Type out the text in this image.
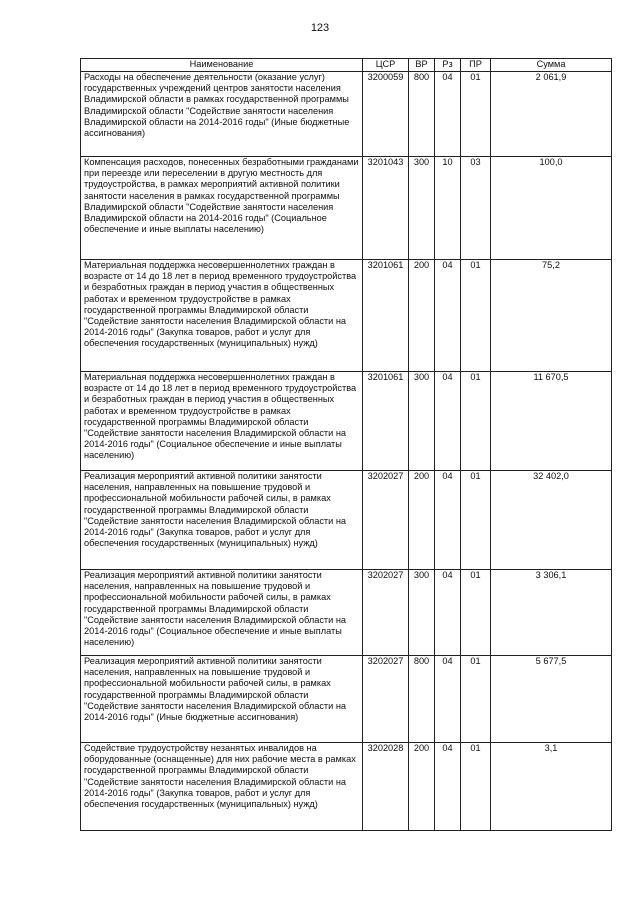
123
Наименование	ЦСР	ВР	Рз	ПР	Сумма
Расходы на обеспечение деятельности (оказание услуг) государственных учреждений центров занятости населения Владимирской области в рамках государственной программы Владимирской области "Содействие занятости населения Владимирской области на 2014-2016 годы" (Иные бюджетные ассигнования)	3200059	800	04	01	2 061,9
Компенсация расходов, понесенных безработными гражданами при переезде или переселении в другую местность для трудоустройства, в рамках мероприятий активной политики занятости населения в рамках государственной программы Владимирской области "Содействие занятости населения Владимирской области на 2014-2016 годы" (Социальное обеспечение и иные выплаты населению)	3201043	300	10	03	100,0
Материальная поддержка несовершеннолетних граждан в возрасте от 14 до 18 лет в период временного трудоустройства и безработных граждан в период участия в общественных работах и временном трудоустройстве в рамках государственной программы Владимирской области "Содействие занятости населения Владимирской области на 2014-2016 годы" (Закупка товаров, работ и услуг для обеспечения государственных (муниципальных) нужд)	3201061	200	04	01	75,2
Материальная поддержка несовершеннолетних граждан в возрасте от 14 до 18 лет в период временного трудоустройства и безработных граждан в период участия в общественных работах и временном трудоустройстве в рамках государственной программы Владимирской области "Содействие занятости населения Владимирской области на 2014-2016 годы" (Социальное обеспечение и иные выплаты населению)	3201061	300	04	01	11 670,5
Реализация мероприятий активной политики занятости населения, направленных на повышение трудовой и профессиональной мобильности рабочей силы, в рамках государственной программы Владимирской области "Содействие занятости населения Владимирской области на 2014-2016 годы" (Закупка товаров, работ и услуг для обеспечения государственных (муниципальных) нужд)	3202027	200	04	01	32 402,0
Реализация мероприятий активной политики занятости населения, направленных на повышение трудовой и профессиональной мобильности рабочей силы, в рамках государственной программы Владимирской области "Содействие занятости населения Владимирской области на 2014-2016 годы" (Социальное обеспечение и иные выплаты населению)	3202027	300	04	01	3 306,1
Реализация мероприятий активной политики занятости населения, направленных на повышение трудовой и профессиональной мобильности рабочей силы, в рамках государственной программы Владимирской области "Содействие занятости населения Владимирской области на 2014-2016 годы" (Иные бюджетные ассигнования)	3202027	800	04	01	5 677,5
Содействие трудоустройству незанятых инвалидов на оборудованные (оснащенные) для них рабочие места в рамках государственной программы Владимирской области "Содействие занятости населения Владимирской области на 2014-2016 годы" (Закупка товаров, работ и услуг для обеспечения государственных (муниципальных) нужд)	3202028	200	04	01	3,1
